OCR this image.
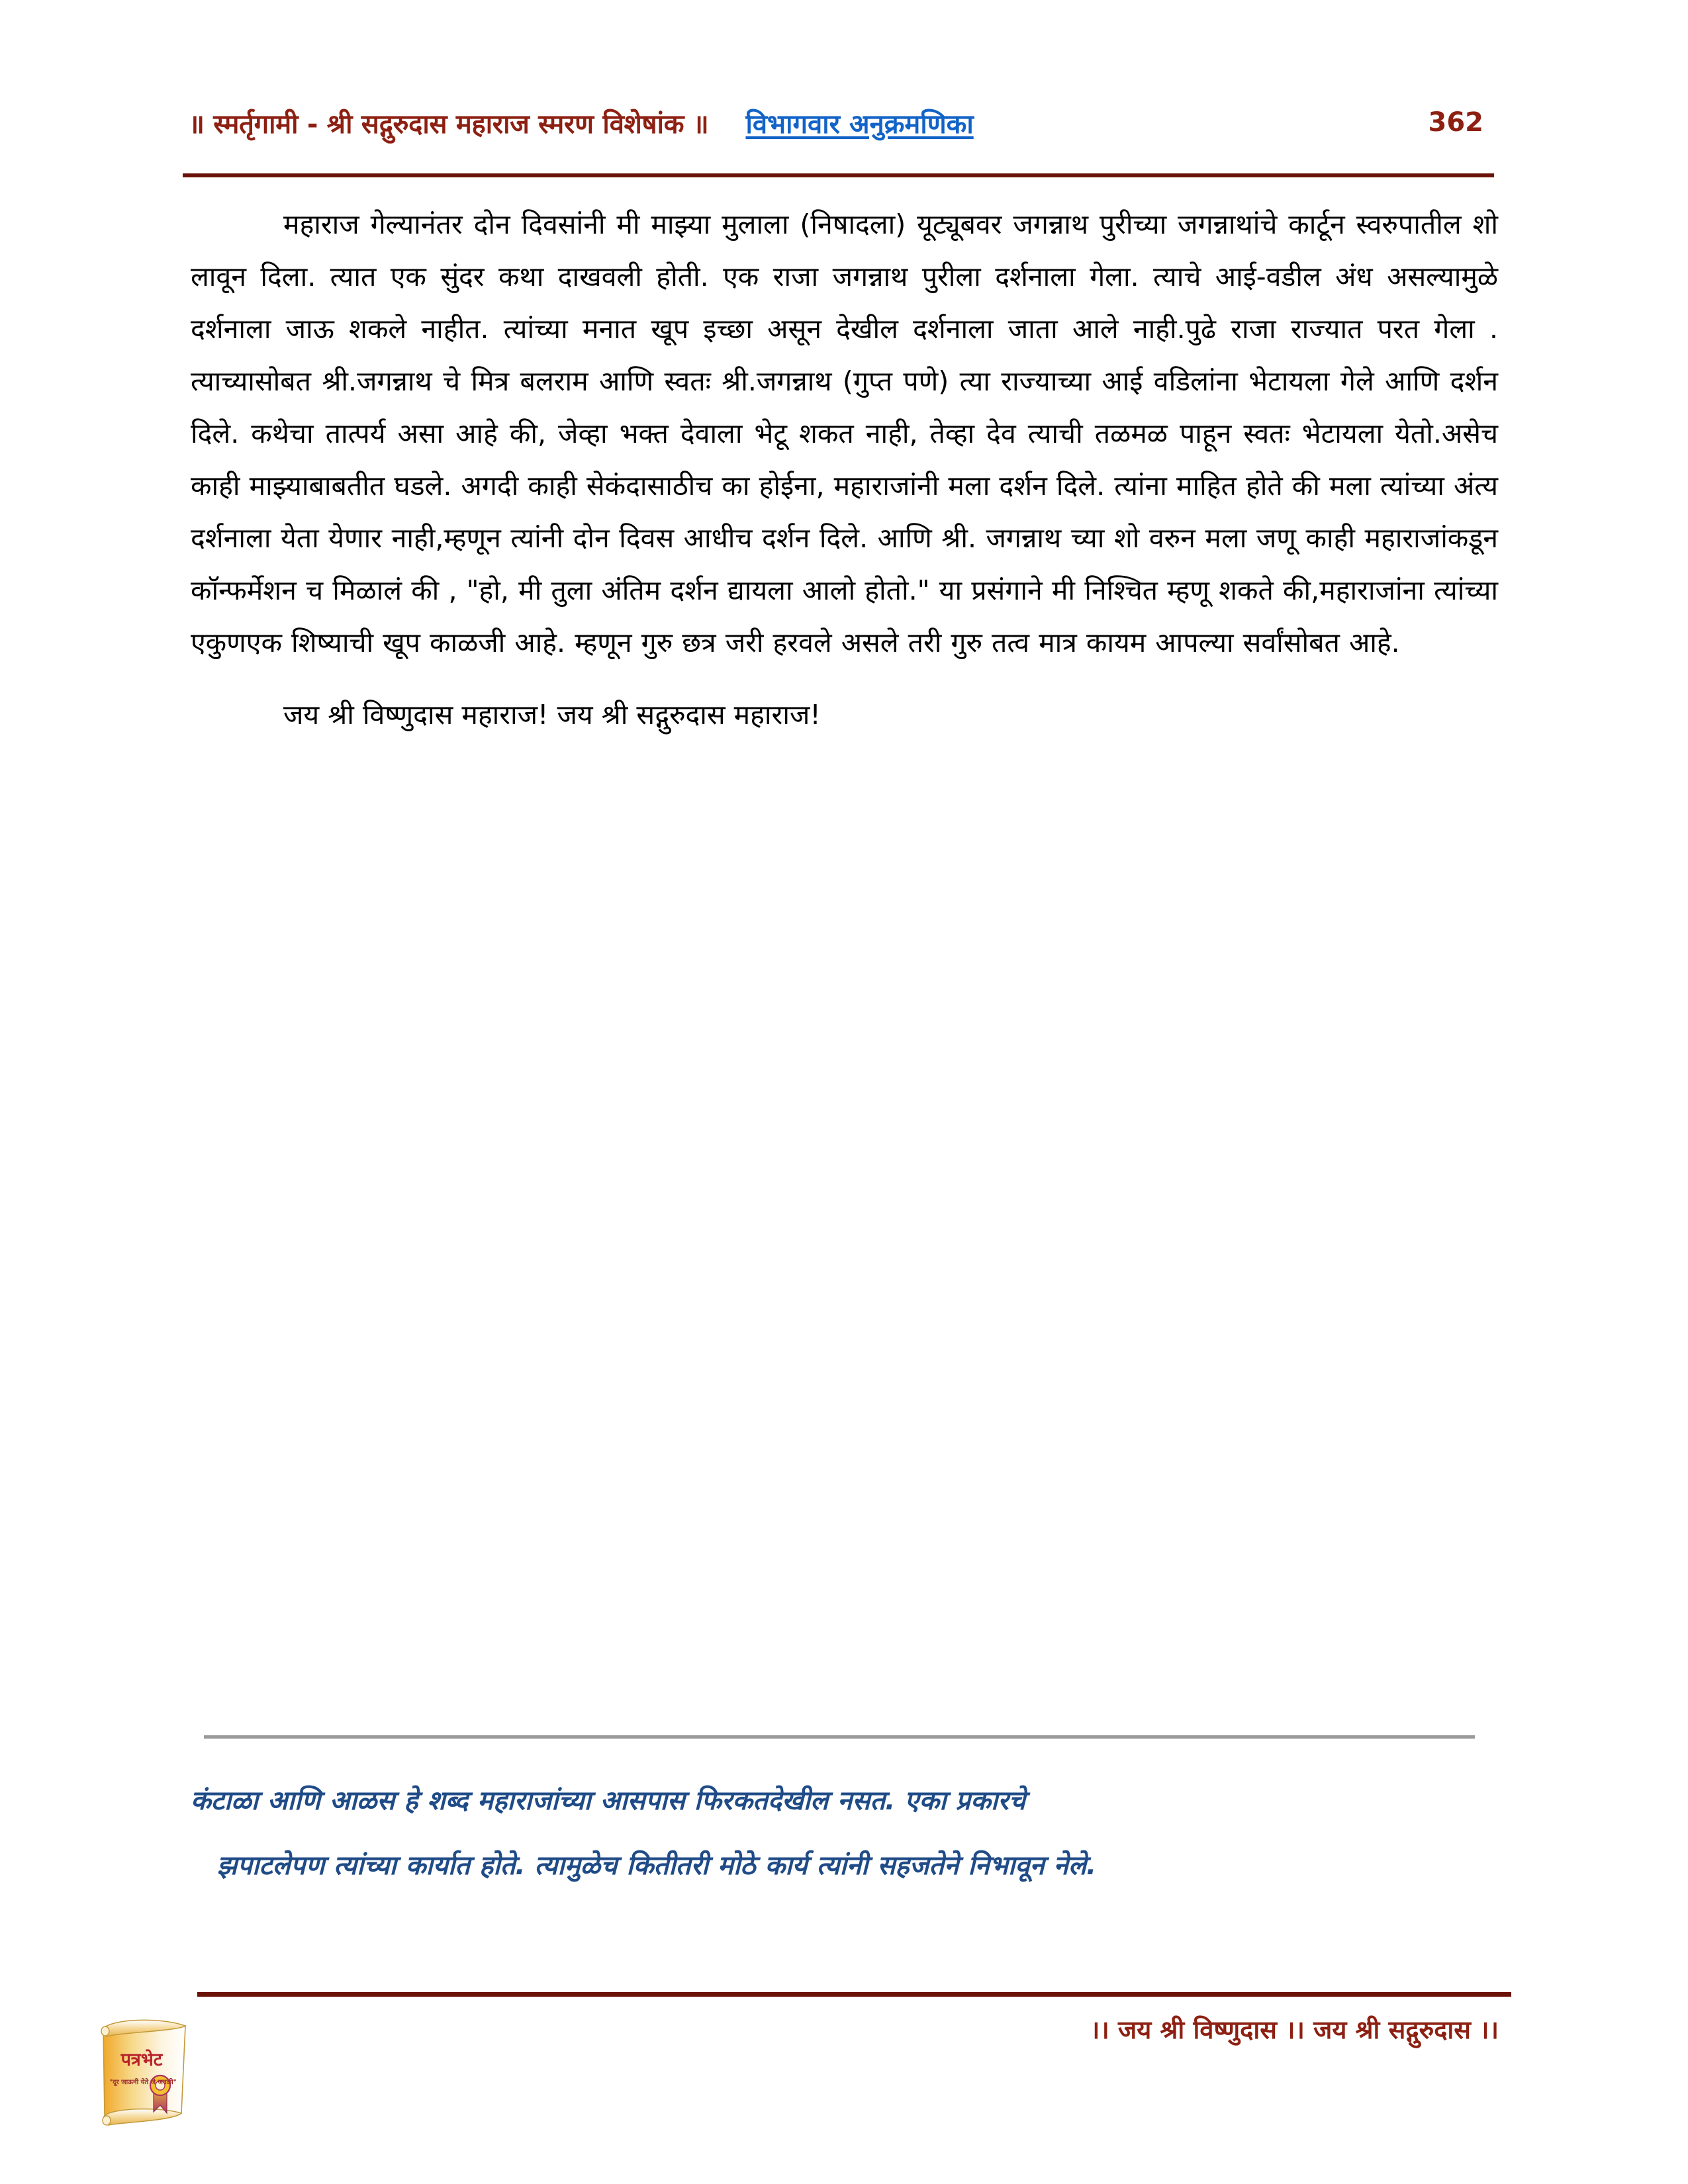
॥ स्मर्तृगामी - श्री सद्गुरुदास महाराज स्मरण विशेषांक ॥ विभागवार अनुक्रमणिका	362

महाराज गेल्यानंतर दोन दिवसांनी मी माझ्या मुलाला (निषादला) यूट्यूबवर जगन्नाथ पुरीच्या जगन्नाथांचे कार्टून स्वरुपातील शो लावून दिला. त्यात एक सुंदर कथा दाखवली होती. एक राजा जगन्नाथ पुरीला दर्शनाला गेला. त्याचे आई-वडील अंध असल्यामुळे दर्शनाला जाऊ शकले नाहीत. त्यांच्या मनात खूप इच्छा असून देखील दर्शनाला जाता आले नाही.पुढे राजा राज्यात परत गेला . त्याच्यासोबत श्री.जगन्नाथ चे मित्र बलराम आणि स्वतः श्री.जगन्नाथ (गुप्त पणे) त्या राज्याच्या आई वडिलांना भेटायला गेले आणि दर्शन दिले. कथेचा तात्पर्य असा आहे की, जेव्हा भक्त देवाला भेटू शकत नाही, तेव्हा देव त्याची तळमळ पाहून स्वतः भेटायला येतो.असेच काही माझ्याबाबतीत घडले. अगदी काही सेकंदासाठीच का होईना, महाराजांनी मला दर्शन दिले. त्यांना माहित होते की मला त्यांच्या अंत्य दर्शनाला येता येणार नाही,म्हणून त्यांनी दोन दिवस आधीच दर्शन दिले. आणि श्री. जगन्नाथ च्या शो वरुन मला जणू काही महाराजांकडून कॉन्फर्मेशन च मिळालं की , "हो, मी तुला अंतिम दर्शन द्यायला आलो होतो." या प्रसंगाने मी निश्चित म्हणू शकते की,महाराजांना त्यांच्या एकुणएक शिष्याची खूप काळजी आहे. म्हणून गुरु छत्र जरी हरवले असले तरी गुरु तत्व मात्र कायम आपल्या सर्वांसोबत आहे.

जय श्री विष्णुदास महाराज! जय श्री सद्गुरुदास महाराज!

कंटाळा आणि आळस हे शब्द महाराजांच्या आसपास फिरकतदेखील नसत. एका प्रकारचे

झपाटलेपण त्यांच्या कार्यात होते. त्यामुळेच कितीतरी मोठे कार्य त्यांनी सहजतेने निभावून नेले.

।। जय श्री विष्णुदास ।। जय श्री सद्गुरुदास ।।
पत्रभेट
"दूर जाऊनी येते जे जवळी"
